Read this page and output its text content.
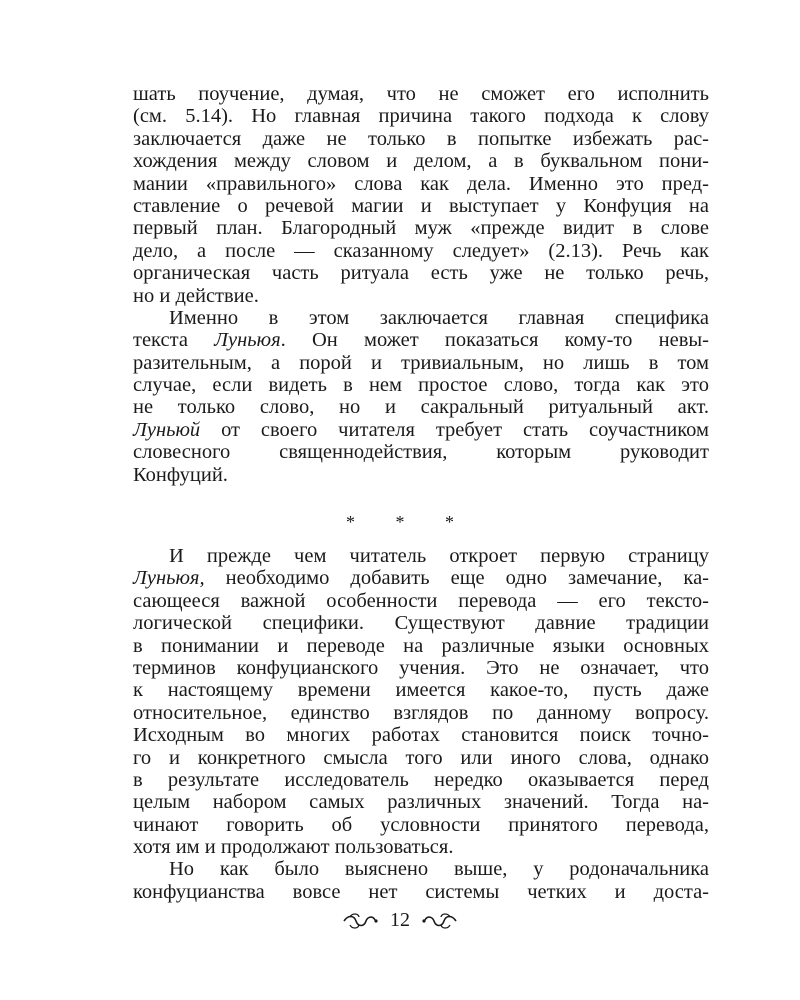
шать поучение, думая, что не сможет его исполнить
(см. 5.14). Но главная причина такого подхода к слову
заключается даже не только в попытке избежать рас-
хождения между словом и делом, а в буквальном пони-
мании «правильного» слова как дела. Именно это пред-
ставление о речевой магии и выступает у Конфуция на
первый план. Благородный муж «прежде видит в слове
дело, а после — сказанному следует» (2.13). Речь как
органическая часть ритуала есть уже не только речь,
но и действие.
Именно в этом заключается главная специфика
текста Луньюя. Он может показаться кому-то невы-
разительным, а порой и тривиальным, но лишь в том
случае, если видеть в нем простое слово, тогда как это
не только слово, но и сакральный ритуальный акт.
Луньюй от своего читателя требует стать соучастником
словесного священнодействия, которым руководит
Конфуций.
* * *
И прежде чем читатель откроет первую страницу
Луньюя, необходимо добавить еще одно замечание, ка-
сающееся важной особенности перевода — его тексто-
логической специфики. Существуют давние традиции
в понимании и переводе на различные языки основных
терминов конфуцианского учения. Это не означает, что
к настоящему времени имеется какое-то, пусть даже
относительное, единство взглядов по данному вопросу.
Исходным во многих работах становится поиск точно-
го и конкретного смысла того или иного слова, однако
в результате исследователь нередко оказывается перед
целым набором самых различных значений. Тогда на-
чинают говорить об условности принятого перевода,
хотя им и продолжают пользоваться.
Но как было выяснено выше, у родоначальника
конфуцианства вовсе нет системы четких и доста-
12
